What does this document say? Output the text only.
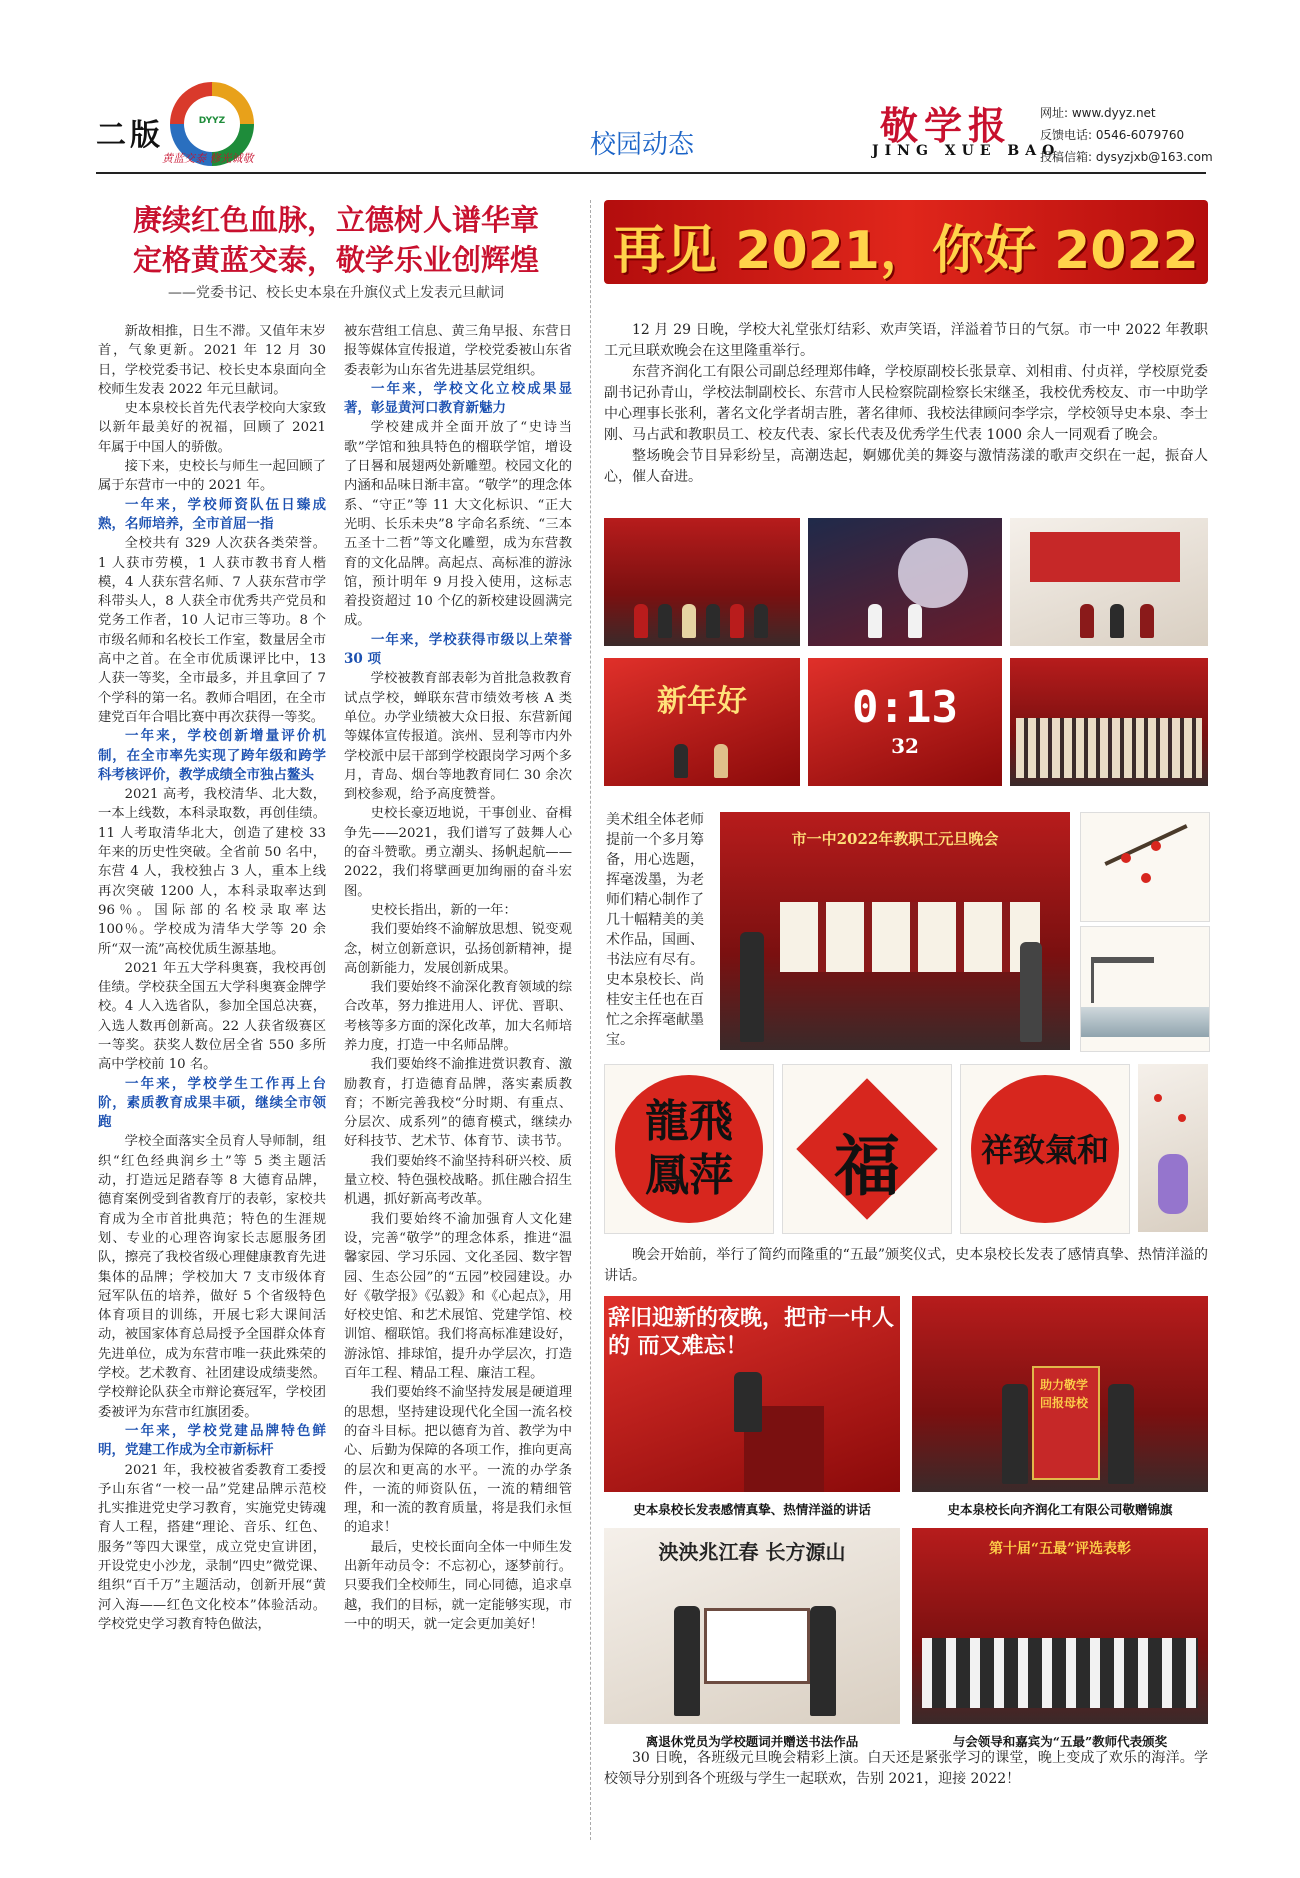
二版	DYYZ
黄蓝交泰 修光诚敬	校园动态	敬学报
JING XUE BAO
网址: www.dyyz.net
反馈电话: 0546-6079760
投稿信箱: dysyzjxb@163.com
赓续红色血脉，立德树人谱华章
定格黄蓝交泰，敬学乐业创辉煌
——党委书记、校长史本泉在升旗仪式上发表元旦献词

新故相推，日生不滞。又值年末岁首，气象更新。2021 年 12 月 30 日，学校党委书记、校长史本泉面向全校师生发表 2022 年元旦献词。

史本泉校长首先代表学校向大家致以新年最美好的祝福，回顾了 2021 年属于中国人的骄傲。

接下来，史校长与师生一起回顾了属于东营市一中的 2021 年。

一年来，学校师资队伍日臻成熟，名师培养，全市首屈一指

全校共有 329 人次获各类荣誉。1 人获市劳模，1 人获市教书育人楷模，4 人获东营名师、7 人获东营市学科带头人，8 人获全市优秀共产党员和党务工作者，10 人记市三等功。8 个市级名师和名校长工作室，数量居全市高中之首。在全市优质课评比中，13 人获一等奖，全市最多，并且拿回了 7 个学科的第一名。教师合唱团，在全市建党百年合唱比赛中再次获得一等奖。

一年来，学校创新增量评价机制，在全市率先实现了跨年级和跨学科考核评价，教学成绩全市独占鳌头

2021 高考，我校清华、北大数，一本上线数，本科录取数，再创佳绩。11 人考取清华北大，创造了建校 33 年来的历史性突破。全省前 50 名中，东营 4 人，我校独占 3 人，重本上线再次突破 1200 人，本科录取率达到 96％。国际部的名校录取率达 100％。学校成为清华大学等 20 余所“双一流”高校优质生源基地。

2021 年五大学科奥赛，我校再创佳绩。学校获全国五大学科奥赛金牌学校。4 人入选省队，参加全国总决赛，入选人数再创新高。22 人获省级赛区一等奖。获奖人数位居全省 550 多所高中学校前 10 名。

一年来，学校学生工作再上台阶，素质教育成果丰硕，继续全市领跑

学校全面落实全员育人导师制，组织“红色经典润乡土”等 5 类主题活动，打造远足踏春等 8 大德育品牌，德育案例受到省教育厅的表彰，家校共育成为全市首批典范；特色的生涯规划、专业的心理咨询家长志愿服务团队，擦亮了我校省级心理健康教育先进集体的品牌；学校加大 7 支市级体育冠军队伍的培养，做好 5 个省级特色体育项目的训练，开展七彩大课间活动，被国家体育总局授予全国群众体育先进单位，成为东营市唯一获此殊荣的学校。艺术教育、社团建设成绩斐然。学校辩论队获全市辩论赛冠军，学校团委被评为东营市红旗团委。

一年来，学校党建品牌特色鲜明，党建工作成为全市新标杆

2021 年，我校被省委教育工委授予山东省“一校一品”党建品牌示范校 扎实推进党史学习教育，实施党史铸魂育人工程，搭建“理论、音乐、红色、服务”等四大课堂，成立党史宣讲团，开设党史小沙龙，录制“四史”微党课、组织“百千万”主题活动，创新开展“黄河入海——红色文化校本”体验活动。学校党史学习教育特色做法，

被东营组工信息、黄三角早报、东营日报等媒体宣传报道，学校党委被山东省委表彰为山东省先进基层党组织。

一年来，学校文化立校成果显著，彰显黄河口教育新魅力

学校建成并全面开放了“史诗当歌”学馆和独具特色的榴联学馆，增设了日晷和展翅两处新雕塑。校园文化的内涵和品味日渐丰富。“敬学”的理念体系、“守正”等 11 大文化标识、“正大光明、长乐未央”8 字命名系统、“三本五圣十二哲”等文化雕塑，成为东营教育的文化品牌。高起点、高标准的游泳馆，预计明年 9 月投入使用，这标志着投资超过 10 个亿的新校建设圆满完成。

一年来，学校获得市级以上荣誉 30 项

学校被教育部表彰为首批急救教育试点学校，蝉联东营市绩效考核 A 类单位。办学业绩被大众日报、东营新闻等媒体宣传报道。滨州、昱利等市内外学校派中层干部到学校跟岗学习两个多月，青岛、烟台等地教育同仁 30 余次到校参观，给予高度赞誉。

史校长豪迈地说，干事创业、奋楫争先——2021，我们谱写了鼓舞人心的奋斗赞歌。勇立潮头、扬帆起航——2022，我们将擘画更加绚丽的奋斗宏图。

史校长指出，新的一年：

我们要始终不渝解放思想、锐变观念，树立创新意识，弘扬创新精神，提高创新能力，发展创新成果。

我们要始终不渝深化教育领域的综合改革，努力推进用人、评优、晋职、考核等多方面的深化改革，加大名师培养力度，打造一中名师品牌。

我们要始终不渝推进赏识教育、激励教育，打造德育品牌，落实素质教育；不断完善我校“分时期、有重点、分层次、成系列”的德育模式，继续办好科技节、艺术节、体育节、读书节。

我们要始终不渝坚持科研兴校、质量立校、特色强校战略。抓住融合招生机遇，抓好新高考改革。

我们要始终不渝加强育人文化建设，完善“敬学”的理念体系，推进“温馨家园、学习乐园、文化圣园、数字智园、生态公园”的“五园”校园建设。办好《敬学报》《弘毅》和《心起点》，用好校史馆、和艺术展馆、党建学馆、校训馆、榴联馆。我们将高标准建设好，游泳馆、排球馆，提升办学层次，打造百年工程、精品工程、廉洁工程。

我们要始终不渝坚持发展是硬道理的思想，坚持建设现代化全国一流名校的奋斗目标。把以德育为首、教学为中心、后勤为保障的各项工作，推向更高的层次和更高的水平。一流的办学条件，一流的师资队伍，一流的精细管理，和一流的教育质量，将是我们永恒的追求！

最后，史校长面向全体一中师生发出新年动员令：不忘初心，逐梦前行。只要我们全校师生，同心同德，追求卓越，我们的目标，就一定能够实现，市一中的明天，就一定会更加美好！

再见 2021，你好 2022

12 月 29 日晚，学校大礼堂张灯结彩、欢声笑语，洋溢着节日的气氛。市一中 2022 年教职工元旦联欢晚会在这里隆重举行。

东营齐润化工有限公司副总经理郑伟峰，学校原副校长张景章、刘相甫、付贞祥，学校原党委副书记孙青山，学校法制副校长、东营市人民检察院副检察长宋继圣，我校优秀校友、市一中助学中心理事长张利，著名文化学者胡吉胜，著名律师、我校法律顾问李学宗，学校领导史本泉、李士刚、马占武和教职员工、校友代表、家长代表及优秀学生代表 1000 余人一同观看了晚会。

整场晚会节目异彩纷呈，高潮迭起，婀娜优美的舞姿与激情荡漾的歌声交织在一起，振奋人心，催人奋进。

新年好	0:13
32
美术组全体老师提前一个多月筹备，用心选题，挥毫泼墨，为老师们精心制作了几十幅精美的美术作品，国画、书法应有尽有。史本泉校长、尚桂安主任也在百忙之余挥毫献墨宝。
市一中2022年教职工元旦晚会
龍飛鳳萍	福	祥致氣和

晚会开始前，举行了简约而隆重的“五最”颁奖仪式，史本泉校长发表了感情真挚、热情洋溢的讲话。

辞旧迎新的夜晚，把市一中人的 而又难忘！
助力敬学 回报母校
史本泉校长发表感情真挚、热情洋溢的讲话	史本泉校长向齐润化工有限公司敬赠锦旗
泱泱兆江春 长方源山	第十届“五最”评选表彰
离退休党员为学校题词并赠送书法作品	与会领导和嘉宾为“五最”教师代表颁奖

30 日晚，各班级元旦晚会精彩上演。白天还是紧张学习的课堂，晚上变成了欢乐的海洋。学校领导分别到各个班级与学生一起联欢，告别 2021，迎接 2022！
